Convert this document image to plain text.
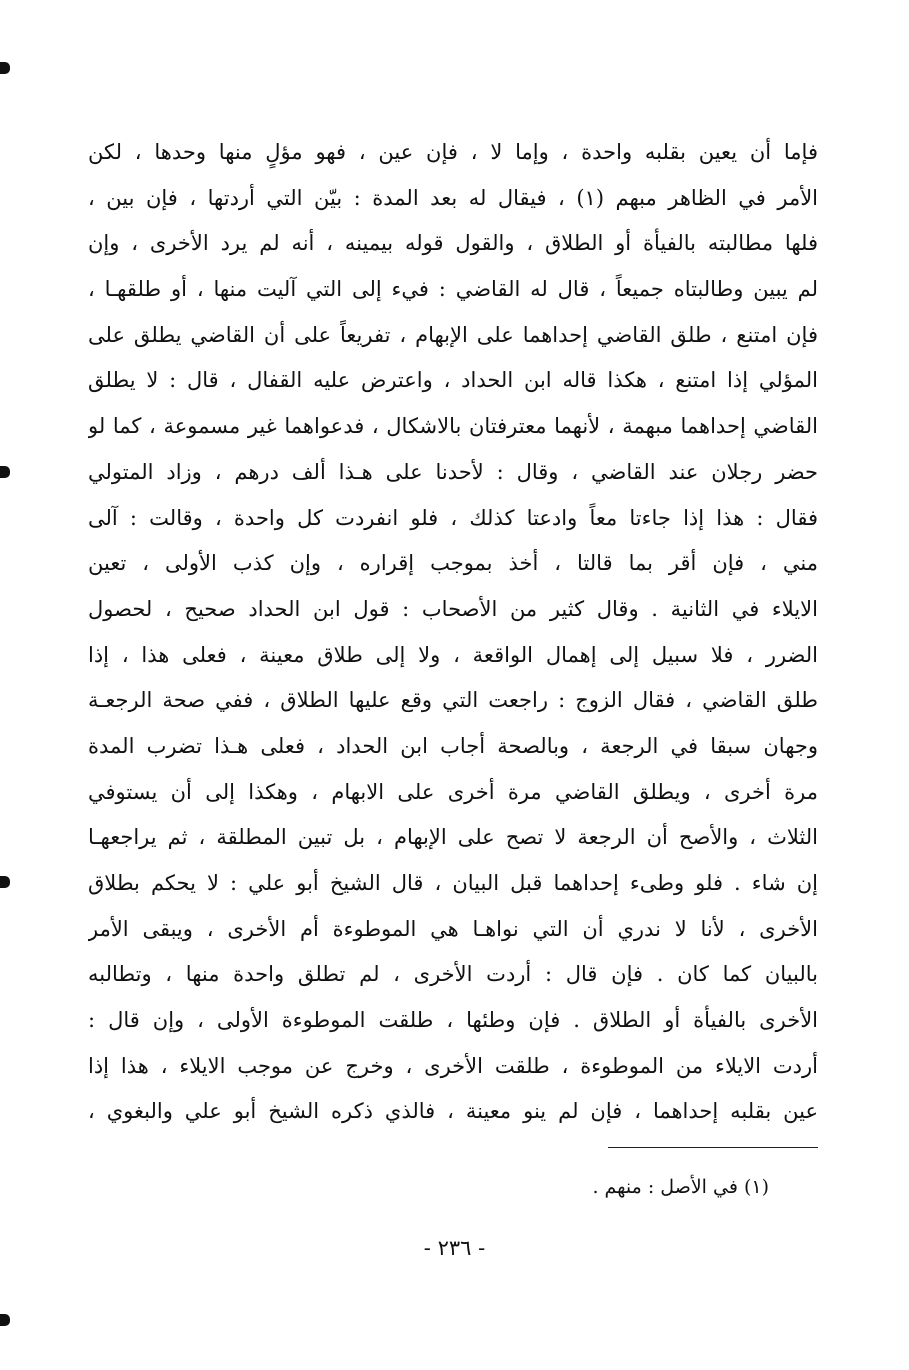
فإما أن يعين بقلبه واحدة ، وإما لا ، فإن عين ، فهو مؤلٍ منها وحدها ، لكن
الأمر في الظاهر مبهم (١) ، فيقال له بعد المدة : بيّن التي أردتها ، فإن بين ،
فلها مطالبته بالفيأة أو الطلاق ، والقول قوله بيمينه ، أنه لم يرد الأخرى ، وإن
لم يبين وطالبتاه جميعاً ، قال له القاضي : فيء إلى التي آليت منها ، أو طلقهـا ،
فإن امتنع ، طلق القاضي إحداهما على الإبهام ، تفريعاً على أن القاضي يطلق على
المؤلي إذا امتنع ، هكذا قاله ابن الحداد ، واعترض عليه القفال ، قال : لا يطلق
القاضي إحداهما مبهمة ، لأنهما معترفتان بالاشكال ، فدعواهما غير مسموعة ، كما لو
حضر رجلان عند القاضي ، وقال : لأحدنا على هـذا ألف درهم ، وزاد المتولي
فقال : هذا إذا جاءتا معاً وادعتا كذلك ، فلو انفردت كل واحدة ، وقالت : آلى
مني ، فإن أقر بما قالتا ، أخذ بموجب إقراره ، وإن كذب الأولى ، تعين
الايلاء في الثانية . وقال كثير من الأصحاب : قول ابن الحداد صحيح ، لحصول
الضرر ، فلا سبيل إلى إهمال الواقعة ، ولا إلى طلاق معينة ، فعلى هذا ، إذا
طلق القاضي ، فقال الزوج : راجعت التي وقع عليها الطلاق ، ففي صحة الرجعـة
وجهان سبقا في الرجعة ، وبالصحة أجاب ابن الحداد ، فعلى هـذا تضرب المدة
مرة أخرى ، ويطلق القاضي مرة أخرى على الابهام ، وهكذا إلى أن يستوفي
الثلاث ، والأصح أن الرجعة لا تصح على الإبهام ، بل تبين المطلقة ، ثم يراجعهـا
إن شاء . فلو وطىء إحداهما قبل البيان ، قال الشيخ أبو علي : لا يحكم بطلاق
الأخرى ، لأنا لا ندري أن التي نواهـا هي الموطوءة أم الأخرى ، ويبقى الأمر
بالبيان كما كان . فإن قال : أردت الأخرى ، لم تطلق واحدة منها ، وتطالبه
الأخرى بالفيأة أو الطلاق . فإن وطئها ، طلقت الموطوءة الأولى ، وإن قال :
أردت الايلاء من الموطوءة ، طلقت الأخرى ، وخرج عن موجب الايلاء ، هذا إذا
عين بقلبه إحداهما ، فإن لم ينو معينة ، فالذي ذكره الشيخ أبو علي والبغوي ،
(١) في الأصل : منهم .
- ٢٣٦ -
